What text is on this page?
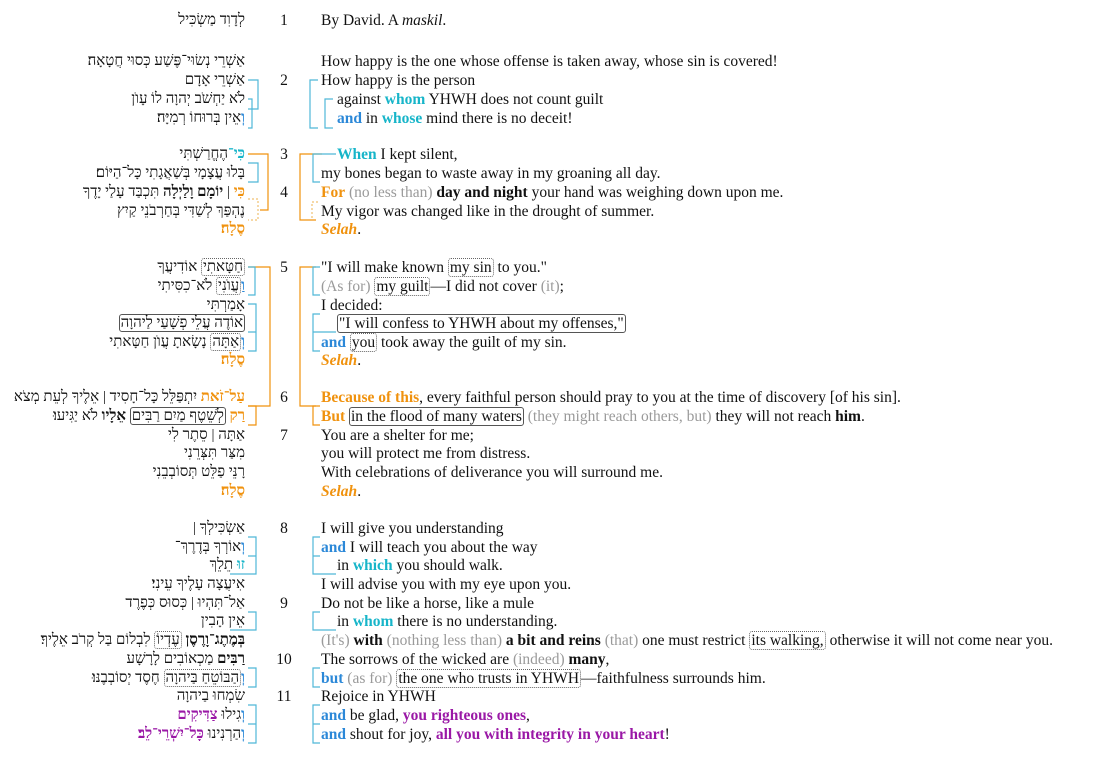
לְדָוִד מַשְׂכִּיל 1 By David. A maskil.
אַשְׁרֵי נְשׂוּי־פֶּשַׁע כְּסוּי חֲטָאָה׃	How happy is the one whose offense is taken away, whose sin is covered!
אַשְׁרֵי אָדָם 2 How happy is the person
לֹא יַחְשֹׁב יְהוָה לוֹ עָוֺן	against whom YHWH does not count guilt
וְאֵין בְּרוּחוֹ רְמִיָּה׃	and in whose mind there is no deceit!
כִּי־הֶחֱרַשְׁתִּי	3	When I kept silent,
בָּלוּ עֲצָמָי בְּשַׁאֲגָתִי כָּל־הַיּוֹם׃	my bones began to waste away in my groaning all day.
כִּי | יוֹמָם וָלַיְלָה תִּכְבַּד עָלַי יָדֶךָ	4 For (no less than) day and night your hand was weighing down upon me.
נֶהְפַּךְ לְשַׁדִּי בְּחַרְבֹנֵי קַיִץ	My vigor was changed like in the drought of summer.
סֶלָה׃	Selah.
חַטָּאתִי אוֹדִיעֲךָ	5 "I will make known my sin to you."
וַעֲוֺנִי לֹא־כִסִּיתִי	(As for) my guilt —I did not cover (it);
אָמַרְתִּי	I decided:
אוֹדֶה עֲלֵי פְשָׁעַי לַיהוָה	"I will confess to YHWH about my offenses,"
וְאַתָּה נָשָׂאתָ עֲוֺן חַטָּאתִי	and you took away the guilt of my sin.
סֶלָה׃	Selah.
עַל־זֹאת יִתְפַּלֵּל כָּל־חָסִיד | אֵלֶיךָ לְעֵת מְצֹא	6 Because of this, every faithful person should pray to you at the time of discovery [of his sin].
רַק לְשֵׁטֶף מַיִם רַבִּים אֵלָיו לֹא יַגִּיעוּ׃	But in the flood of many waters (they might reach others, but) they will not reach him.
אַתָּה | סֵתֶר לִי 7 You are a shelter for me;
מִצַּר תִּצְּרֵנִי	you will protect me from distress.
רָנֵּי פַלֵּט תְּסוֹבְבֵנִי	With celebrations of deliverance you will surround me.
סֶלָה׃	Selah.
אַשְׂכִּילְךָ | 8 I will give you understanding
וְאוֹרְךָ בְּדֶרֶךְ־	and I will teach you about the way
זוּ תֵלֵךְ	in which you should walk.
אִיעֲצָה עָלֶיךָ עֵינִי׃	I will advise you with my eye upon you.
אַל־תִּהְיוּ | כְּסוּס כְּפֶרֶד 9 Do not be like a horse, like a mule
אֵין הָבִין	in whom there is no understanding.
בְּמֶתֶג־וָרֶסֶן עֶדְיוֹ לִבְלוֹם בַּל קְרֹב אֵלֶיךָ׃	(It's) with (nothing less than) a bit and reins (that) one must restrict its walking, otherwise it will not come near you.
רַבִּים מַכְאוֹבִים לָרָשָׁע	10 The sorrows of the wicked are (indeed) many,
וְהַבּוֹטֵחַ בַּיהוָה חֶסֶד יְסוֹבְבֶנּוּ׃	but (as for) the one who trusts in YHWH —faithfulness surrounds him.
שִׂמְחוּ בַיהוָה 11 Rejoice in YHWH
וְגִילוּ צַדִּיקִים	and be glad, you righteous ones,
וְהַרְנִינוּ כָּל־יִשְׁרֵי־לֵב׃	and shout for joy, all you with integrity in your heart!
